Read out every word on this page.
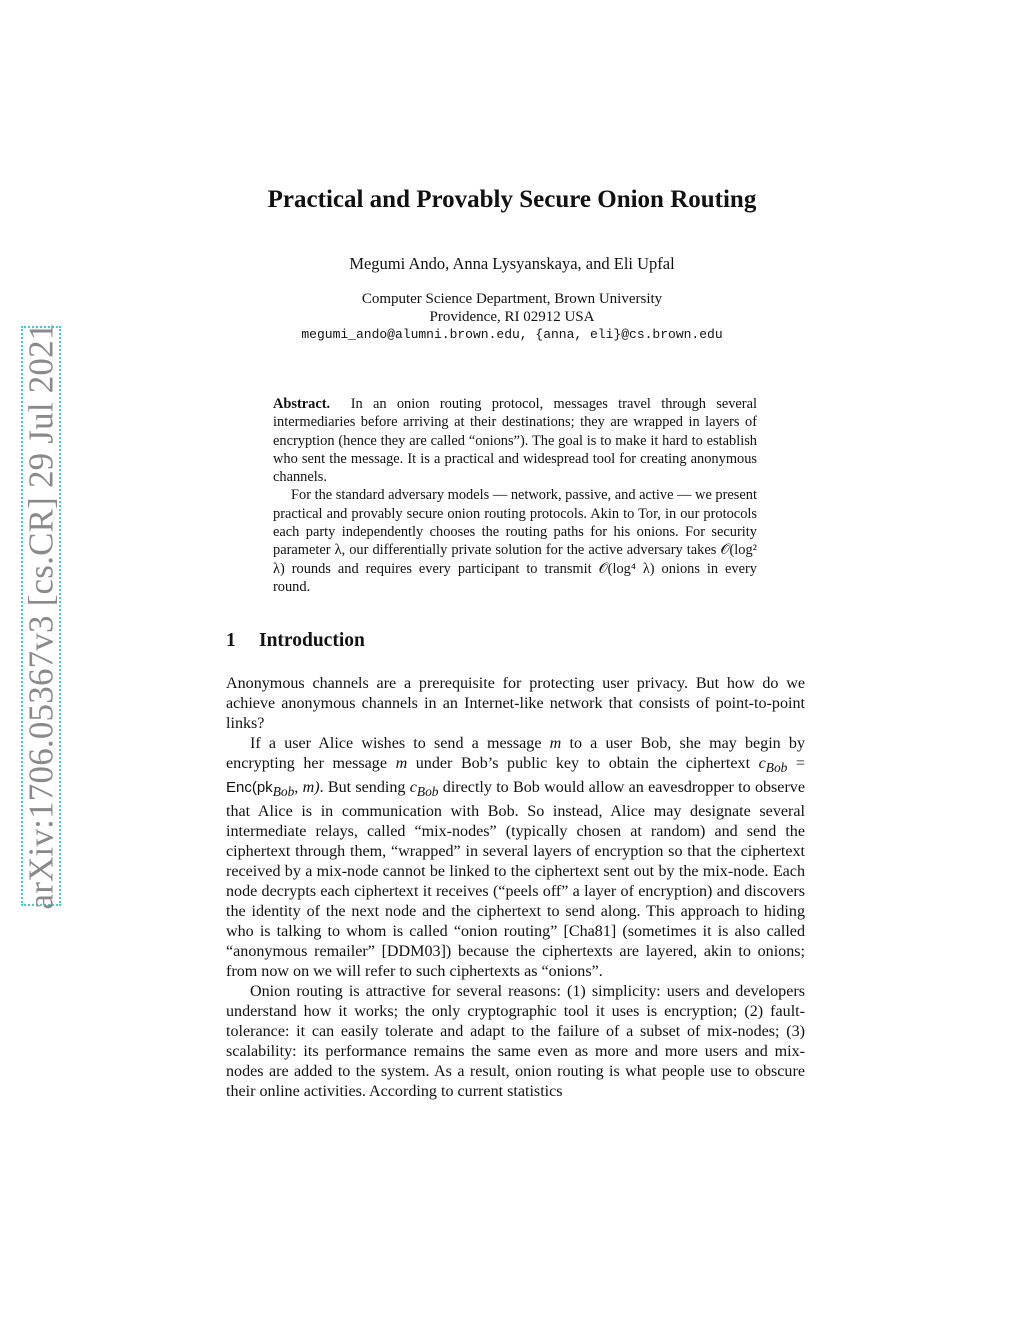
arXiv:1706.05367v3 [cs.CR] 29 Jul 2021
Practical and Provably Secure Onion Routing
Megumi Ando, Anna Lysyanskaya, and Eli Upfal
Computer Science Department, Brown University
Providence, RI 02912 USA
megumi_ando@alumni.brown.edu, {anna, eli}@cs.brown.edu

Abstract. In an onion routing protocol, messages travel through several intermediaries before arriving at their destinations; they are wrapped in layers of encryption (hence they are called “onions”). The goal is to make it hard to establish who sent the message. It is a practical and widespread tool for creating anonymous channels.

For the standard adversary models — network, passive, and active — we present practical and provably secure onion routing protocols. Akin to Tor, in our protocols each party independently chooses the routing paths for his onions. For security parameter λ, our differentially private solution for the active adversary takes 𝒪(log² λ) rounds and requires every participant to transmit 𝒪(log⁴ λ) onions in every round.

1 Introduction

Anonymous channels are a prerequisite for protecting user privacy. But how do we achieve anonymous channels in an Internet-like network that consists of point-to-point links?

If a user Alice wishes to send a message m to a user Bob, she may begin by encrypting her message m under Bob’s public key to obtain the ciphertext $c_{Bob} = Enc(pk_{Bob}$, m). But sending $c_{Bob}$ directly to Bob would allow an eavesdropper to observe that Alice is in communication with Bob. So instead, Alice may designate several intermediate relays, called “mix-nodes” (typically chosen at random) and send the ciphertext through them, “wrapped” in several layers of encryption so that the ciphertext received by a mix-node cannot be linked to the ciphertext sent out by the mix-node. Each node decrypts each ciphertext it receives (“peels off” a layer of encryption) and discovers the identity of the next node and the ciphertext to send along. This approach to hiding who is talking to whom is called “onion routing” [Cha81] (sometimes it is also called “anonymous remailer” [DDM03]) because the ciphertexts are layered, akin to onions; from now on we will refer to such ciphertexts as “onions”.

Onion routing is attractive for several reasons: (1) simplicity: users and developers understand how it works; the only cryptographic tool it uses is encryption; (2) fault-tolerance: it can easily tolerate and adapt to the failure of a subset of mix-nodes; (3) scalability: its performance remains the same even as more and more users and mix-nodes are added to the system. As a result, onion routing is what people use to obscure their online activities. According to current statistics
